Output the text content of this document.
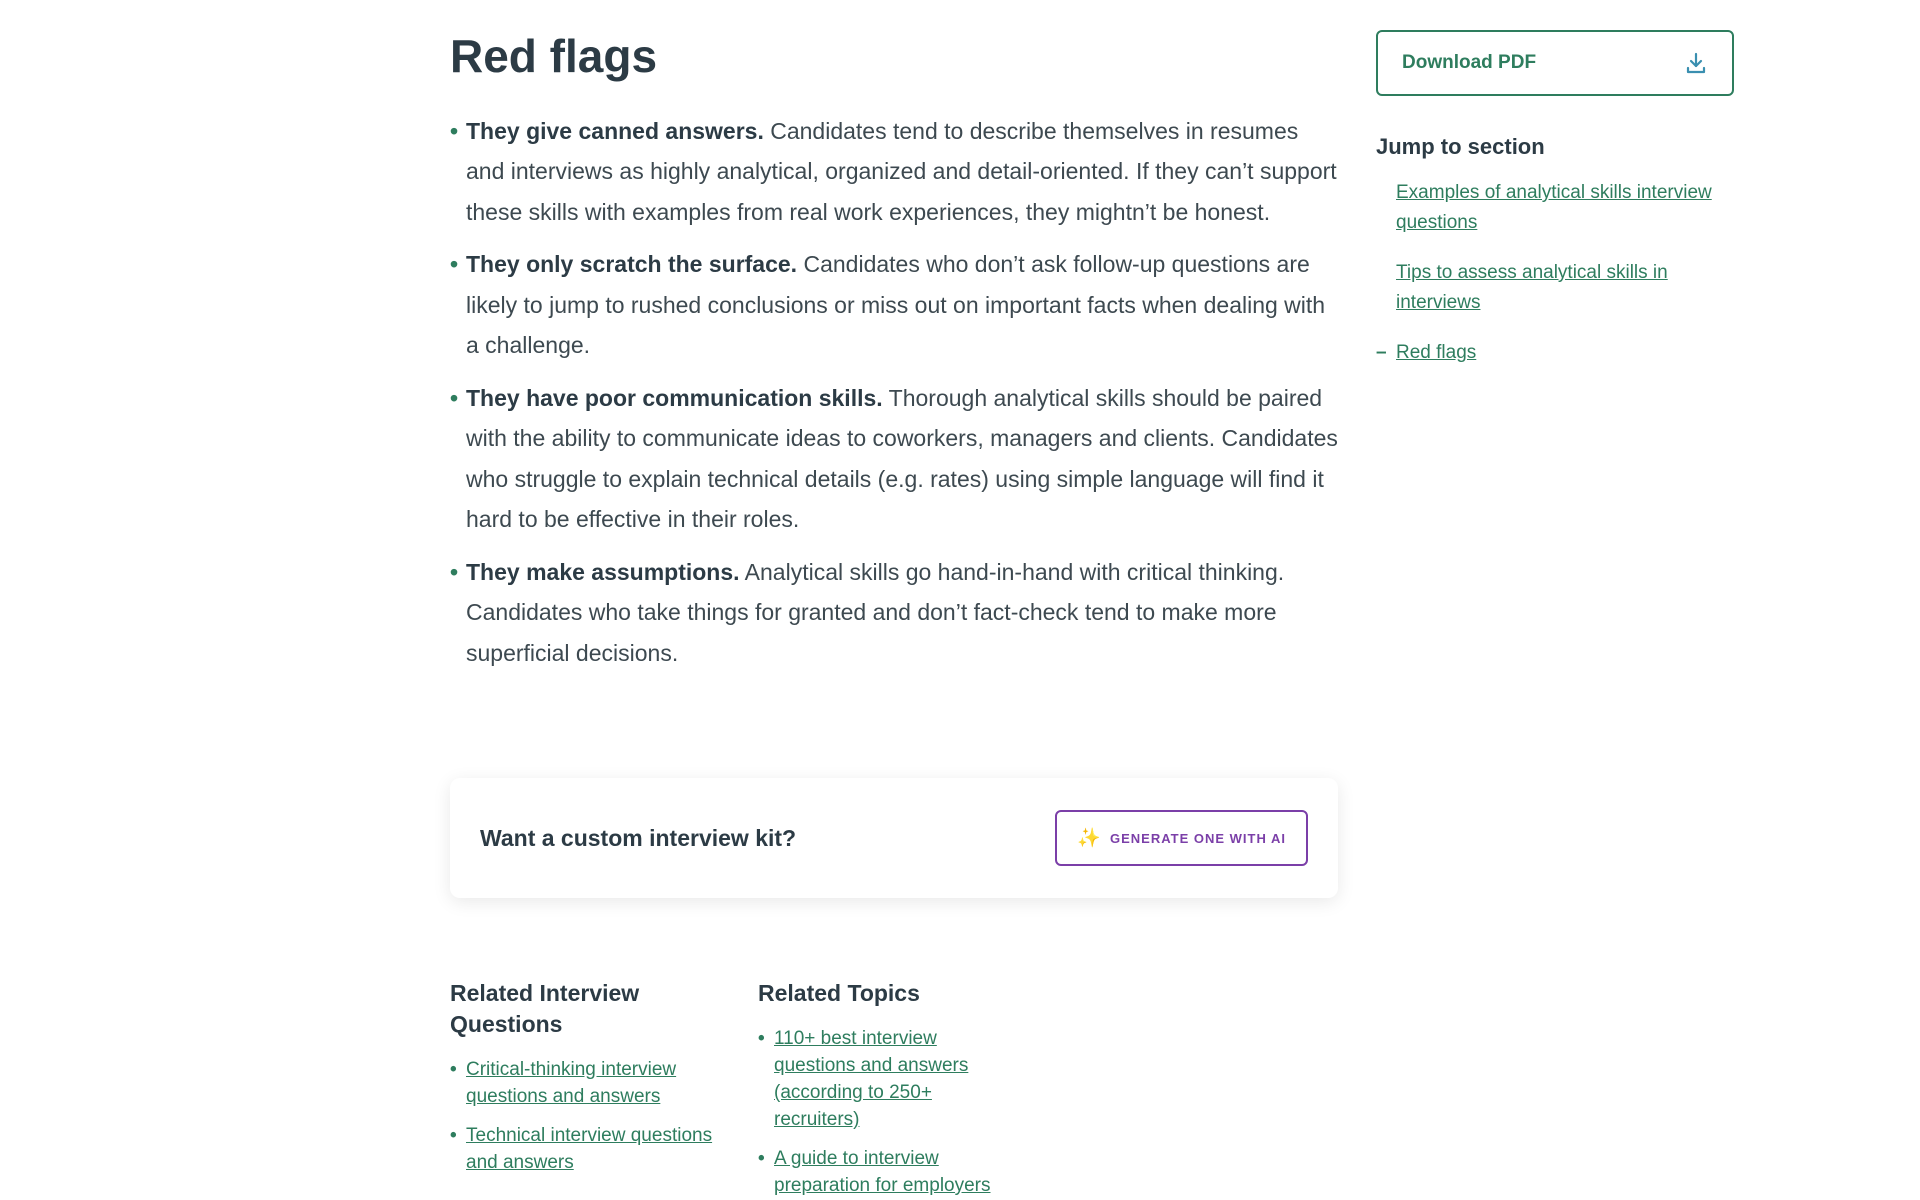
Red flags
• They give canned answers. Candidates tend to describe themselves in resumes and interviews as highly analytical, organized and detail-oriented. If they can’t support these skills with examples from real work experiences, they mightn’t be honest.
• They only scratch the surface. Candidates who don’t ask follow-up questions are likely to jump to rushed conclusions or miss out on important facts when dealing with a challenge.
• They have poor communication skills. Thorough analytical skills should be paired with the ability to communicate ideas to coworkers, managers and clients. Candidates who struggle to explain technical details (e.g. rates) using simple language will find it hard to be effective in their roles.
• They make assumptions. Analytical skills go hand-in-hand with critical thinking. Candidates who take things for granted and don’t fact-check tend to make more superficial decisions.
Want a custom interview kit?	✨ GENERATE ONE WITH AI
Related Interview Questions
• Critical-thinking interview questions and answers
• Technical interview questions and answers
Related Topics
• 110+ best interview questions and answers (according to 250+ recruiters)
• A guide to interview preparation for employers
Download PDF
Jump to section
Examples of analytical skills interview questions
Tips to assess analytical skills in interviews
– Red flags
